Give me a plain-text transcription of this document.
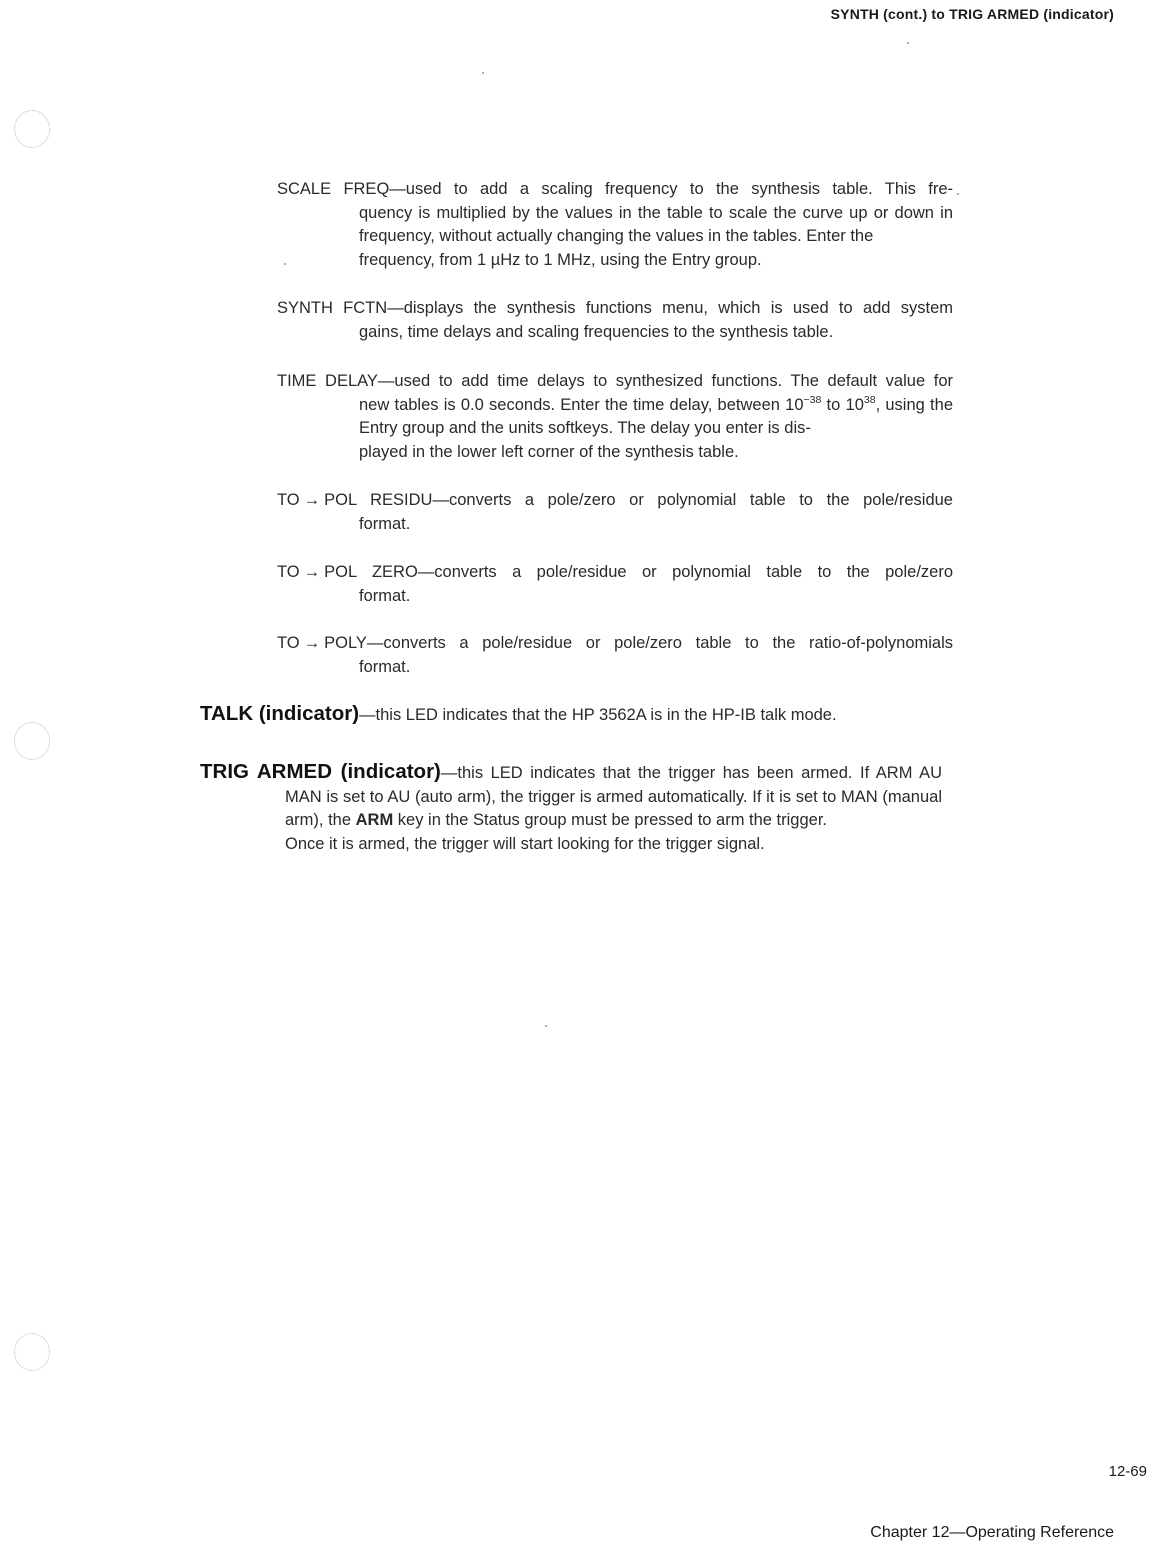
SYNTH (cont.) to TRIG ARMED (indicator)
SCALE FREQ—used to add a scaling frequency to the synthesis table. This fre-
quency is multiplied by the values in the table to scale the curve up or down in frequency, without actually changing the values in the tables. Enter the
frequency, from 1 µHz to 1 MHz, using the Entry group.
SYNTH FCTN—displays the synthesis functions menu, which is used to add system
gains, time delays and scaling frequencies to the synthesis table.
TIME DELAY—used to add time delays to synthesized functions. The default value for
new tables is 0.0 seconds. Enter the time delay, between $10^{-38}$ to $10^{38}$, using the Entry group and the units softkeys. The delay you enter is dis-
played in the lower left corner of the synthesis table.
TO → POL RESIDU—converts a pole/zero or polynomial table to the pole/residue
format.
TO → POL ZERO—converts a pole/residue or polynomial table to the pole/zero
format.
TO → POLY—converts a pole/residue or pole/zero table to the ratio-of-polynomials
format.
TALK (indicator)—this LED indicates that the HP 3562A is in the HP-IB talk mode.
TRIG ARMED (indicator)—this LED indicates that the trigger has been armed. If ARM AU
MAN is set to AU (auto arm), the trigger is armed automatically. If it is set to MAN (manual arm), the ARM key in the Status group must be pressed to arm the trigger.
Once it is armed, the trigger will start looking for the trigger signal.
12-69
Chapter 12—Operating Reference
